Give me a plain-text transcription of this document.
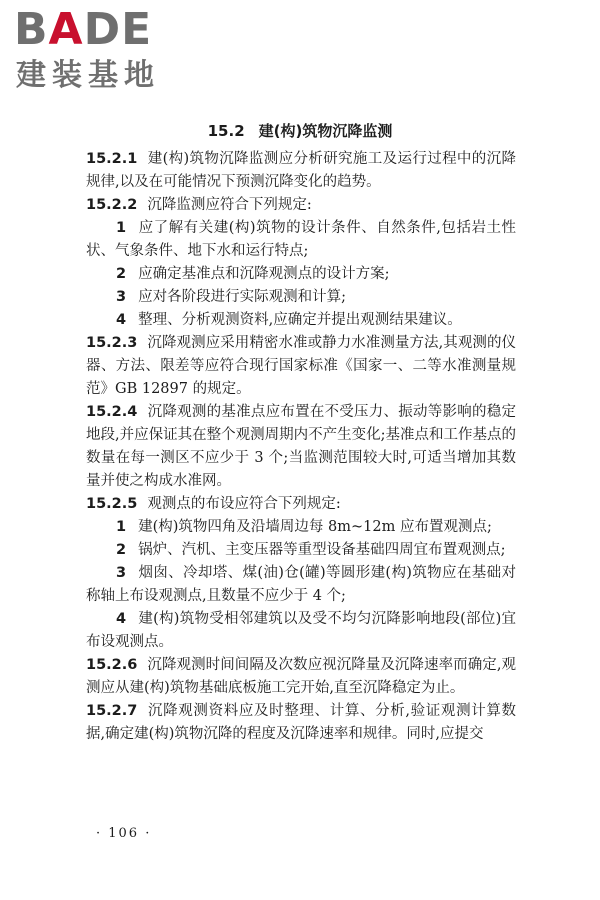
BADE
建装基地
15.2 建(构)筑物沉降监测

15.2.1 建(构)筑物沉降监测应分析研究施工及运行过程中的沉降规律,以及在可能情况下预测沉降变化的趋势。

15.2.2 沉降监测应符合下列规定:

1 应了解有关建(构)筑物的设计条件、自然条件,包括岩土性状、气象条件、地下水和运行特点;

2 应确定基准点和沉降观测点的设计方案;

3 应对各阶段进行实际观测和计算;

4 整理、分析观测资料,应确定并提出观测结果建议。

15.2.3 沉降观测应采用精密水准或静力水准测量方法,其观测的仪器、方法、限差等应符合现行国家标准《国家一、二等水准测量规范》GB 12897 的规定。

15.2.4 沉降观测的基准点应布置在不受压力、振动等影响的稳定地段,并应保证其在整个观测周期内不产生变化;基准点和工作基点的数量在每一测区不应少于 3 个;当监测范围较大时,可适当增加其数量并使之构成水准网。

15.2.5 观测点的布设应符合下列规定:

1 建(构)筑物四角及沿墙周边每 8m~12m 应布置观测点;

2 锅炉、汽机、主变压器等重型设备基础四周宜布置观测点;

3 烟囱、冷却塔、煤(油)仓(罐)等圆形建(构)筑物应在基础对称轴上布设观测点,且数量不应少于 4 个;

4 建(构)筑物受相邻建筑以及受不均匀沉降影响地段(部位)宜布设观测点。

15.2.6 沉降观测时间间隔及次数应视沉降量及沉降速率而确定,观测应从建(构)筑物基础底板施工完开始,直至沉降稳定为止。

15.2.7 沉降观测资料应及时整理、计算、分析,验证观测计算数据,确定建(构)筑物沉降的程度及沉降速率和规律。同时,应提交

· 106 ·
